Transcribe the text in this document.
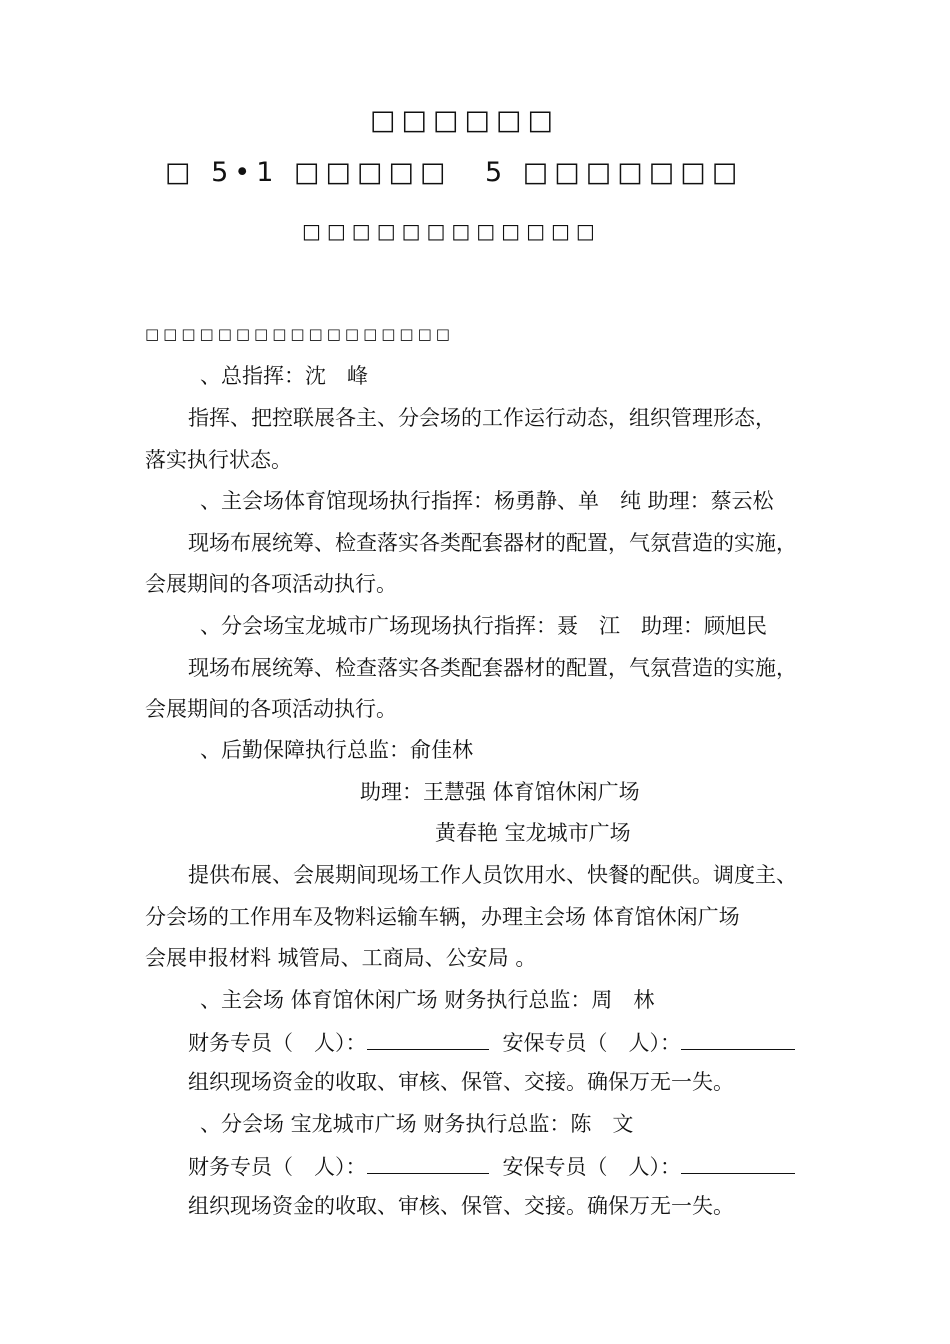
□□□□□□
□ 5•1 □□□□□ 5 □□□□□□□
□□□□□□□□□□□□
□□□□□□□□□□□□□□□□□
、总指挥：沈　峰
指挥、把控联展各主、分会场的工作运行动态，组织管理形态，
落实执行状态。
、主会场体育馆现场执行指挥：杨勇静、单　纯 助理：蔡云松
现场布展统筹、检查落实各类配套器材的配置，气氛营造的实施，
会展期间的各项活动执行。
、分会场宝龙城市广场现场执行指挥：聂　江　助理：顾旭民
现场布展统筹、检查落实各类配套器材的配置，气氛营造的实施，
会展期间的各项活动执行。
、后勤保障执行总监：俞佳林
助理：王慧强 体育馆休闲广场
黄春艳 宝龙城市广场
提供布展、会展期间现场工作人员饮用水、快餐的配供。调度主、
分会场的工作用车及物料运输车辆，办理主会场 体育馆休闲广场
会展申报材料 城管局、工商局、公安局 。
、主会场 体育馆休闲广场 财务执行总监：周　林
财务专员（　人）：	安保专员（　人）：
组织现场资金的收取、审核、保管、交接。确保万无一失。
、分会场 宝龙城市广场 财务执行总监：陈　文
财务专员（　人）：	安保专员（　人）：
组织现场资金的收取、审核、保管、交接。确保万无一失。
